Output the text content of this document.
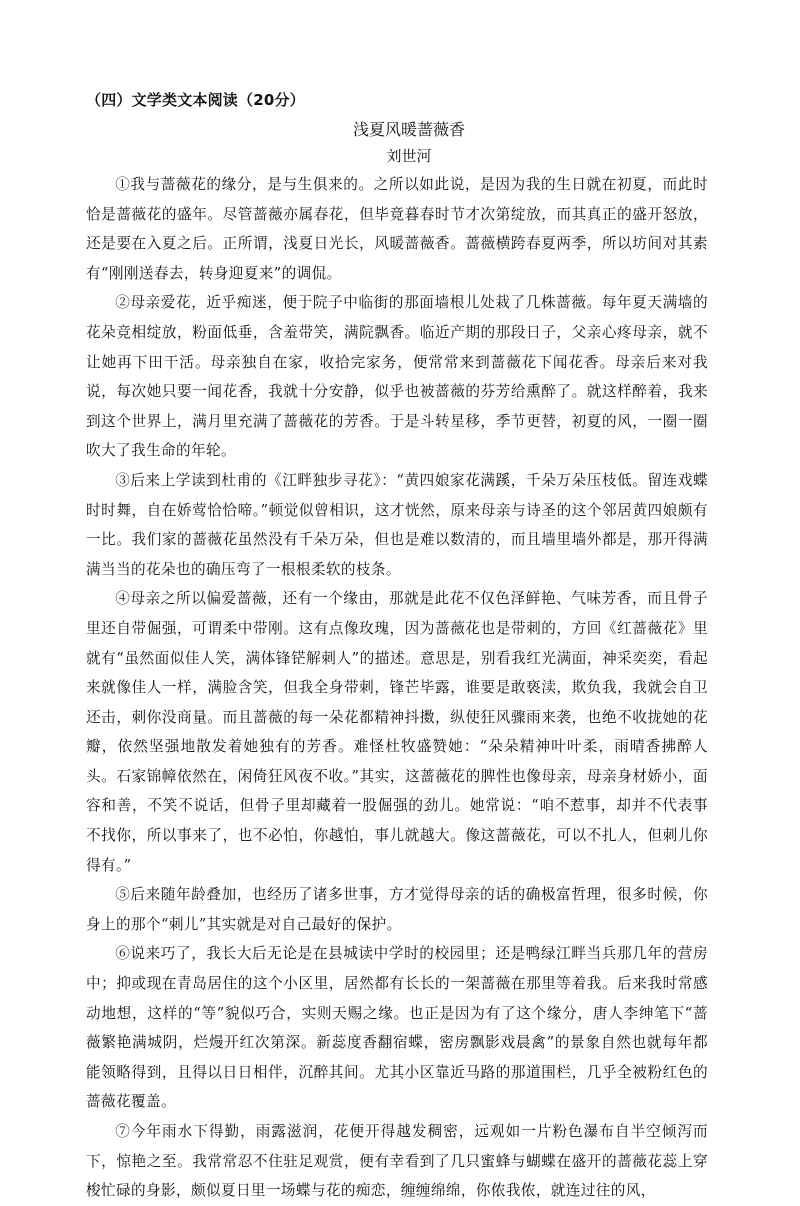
（四）文学类文本阅读（20分）
浅夏风暖蔷薇香
刘世河

①我与蔷薇花的缘分，是与生俱来的。之所以如此说，是因为我的生日就在初夏，而此时恰是蔷薇花的盛年。尽管蔷薇亦属春花，但毕竟暮春时节才次第绽放，而其真正的盛开怒放，还是要在入夏之后。正所谓，浅夏日光长，风暖蔷薇香。蔷薇横跨春夏两季，所以坊间对其素有“刚刚送春去，转身迎夏来”的调侃。

②母亲爱花，近乎痴迷，便于院子中临街的那面墙根儿处栽了几株蔷薇。每年夏天满墙的花朵竞相绽放，粉面低垂，含羞带笑，满院飘香。临近产期的那段日子，父亲心疼母亲，就不让她再下田干活。母亲独自在家，收拾完家务，便常常来到蔷薇花下闻花香。母亲后来对我说，每次她只要一闻花香，我就十分安静，似乎也被蔷薇的芬芳给熏醉了。就这样醉着，我来到这个世界上，满月里充满了蔷薇花的芳香。于是斗转星移，季节更替，初夏的风，一圈一圈吹大了我生命的年轮。

③后来上学读到杜甫的《江畔独步寻花》：“黄四娘家花满蹊，千朵万朵压枝低。留连戏蝶时时舞，自在娇莺恰恰啼。”顿觉似曾相识，这才恍然，原来母亲与诗圣的这个邻居黄四娘颇有一比。我们家的蔷薇花虽然没有千朵万朵，但也是难以数清的，而且墙里墙外都是，那开得满满当当的花朵也的确压弯了一根根柔软的枝条。

④母亲之所以偏爱蔷薇，还有一个缘由，那就是此花不仅色泽鲜艳、气味芳香，而且骨子里还自带倔强，可谓柔中带刚。这有点像玫瑰，因为蔷薇花也是带刺的，方回《红蔷薇花》里就有“虽然面似佳人笑，满体锋铓解刺人”的描述。意思是，别看我红光满面，神采奕奕，看起来就像佳人一样，满脸含笑，但我全身带刺，锋芒毕露，谁要是敢亵渎，欺负我，我就会自卫还击，刺你没商量。而且蔷薇的每一朵花都精神抖擞，纵使狂风骤雨来袭，也绝不收拢她的花瓣，依然坚强地散发着她独有的芳香。难怪杜牧盛赞她：“朵朵精神叶叶柔，雨晴香拂醉人头。石家锦幛依然在，闲倚狂风夜不收。”其实，这蔷薇花的脾性也像母亲，母亲身材娇小，面容和善，不笑不说话，但骨子里却藏着一股倔强的劲儿。她常说：“咱不惹事，却并不代表事不找你，所以事来了，也不必怕，你越怕，事儿就越大。像这蔷薇花，可以不扎人，但刺儿你得有。”

⑤后来随年龄叠加，也经历了诸多世事，方才觉得母亲的话的确极富哲理，很多时候，你身上的那个“刺儿”其实就是对自己最好的保护。

⑥说来巧了，我长大后无论是在县城读中学时的校园里；还是鸭绿江畔当兵那几年的营房中；抑或现在青岛居住的这个小区里，居然都有长长的一架蔷薇在那里等着我。后来我时常感动地想，这样的“等”貌似巧合，实则天赐之缘。也正是因为有了这个缘分，唐人李绅笔下“蔷薇繁艳满城阴，烂熳开红次第深。新蕊度香翻宿蝶，密房飘影戏晨禽”的景象自然也就每年都能领略得到，且得以日日相伴，沉醉其间。尤其小区靠近马路的那道围栏，几乎全被粉红色的蔷薇花覆盖。

⑦今年雨水下得勤，雨露滋润，花便开得越发稠密，远观如一片粉色瀑布自半空倾泻而下，惊艳之至。我常常忍不住驻足观赏，便有幸看到了几只蜜蜂与蝴蝶在盛开的蔷薇花蕊上穿梭忙碌的身影，颇似夏日里一场蝶与花的痴恋，缠缠绵绵，你侬我侬，就连过往的风，
